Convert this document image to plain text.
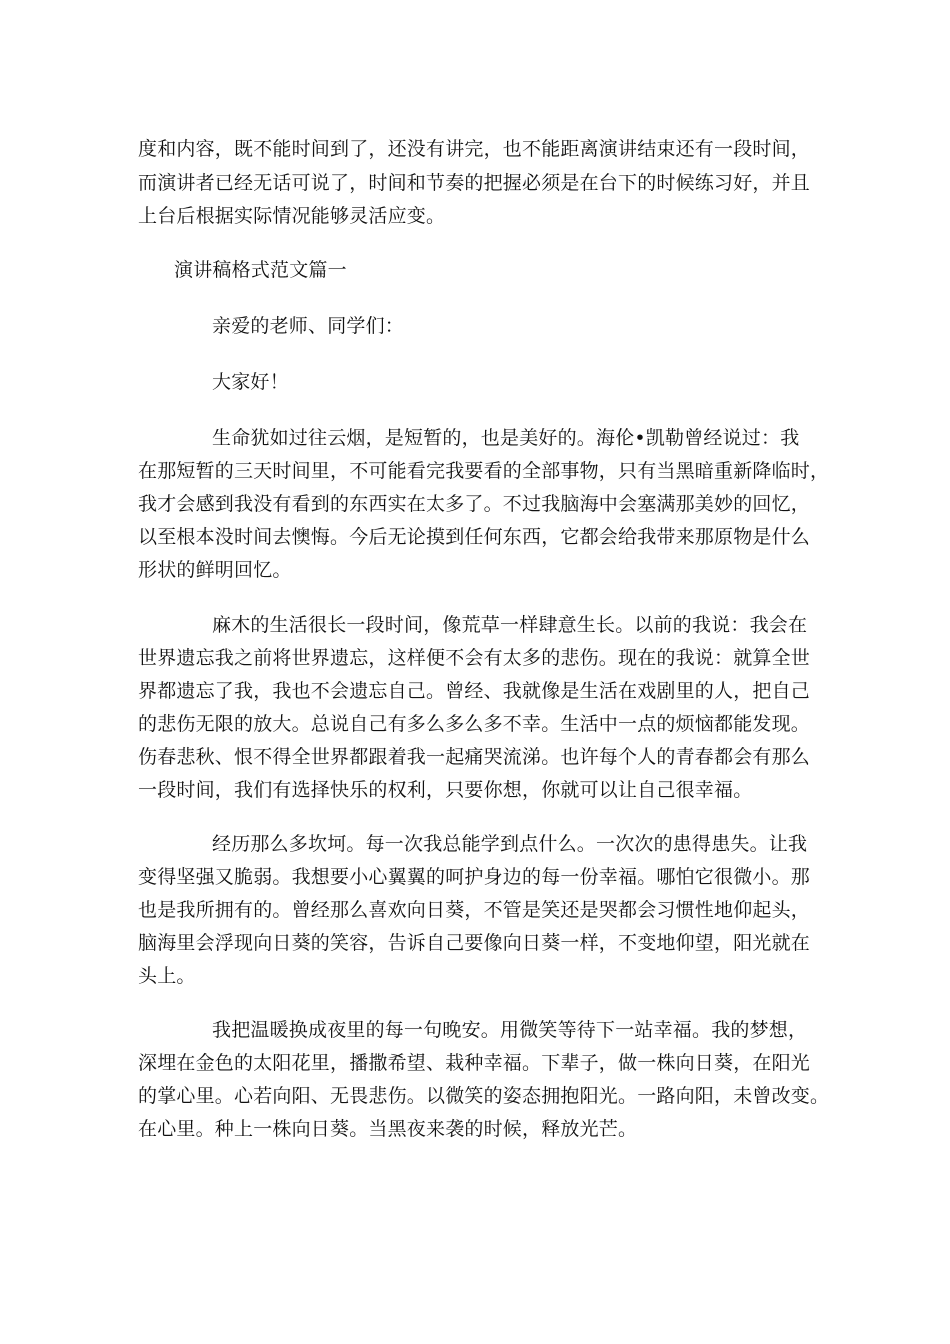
度和内容，既不能时间到了，还没有讲完，也不能距离演讲结束还有一段时间，
而演讲者已经无话可说了，时间和节奏的把握必须是在台下的时候练习好，并且
上台后根据实际情况能够灵活应变。
演讲稿格式范文篇一
亲爱的老师、同学们：
大家好！
生命犹如过往云烟，是短暂的，也是美好的。海伦•凯勒曾经说过：我
在那短暂的三天时间里，不可能看完我要看的全部事物，只有当黑暗重新降临时，
我才会感到我没有看到的东西实在太多了。不过我脑海中会塞满那美妙的回忆，
以至根本没时间去懊悔。今后无论摸到任何东西，它都会给我带来那原物是什么
形状的鲜明回忆。
麻木的生活很长一段时间，像荒草一样肆意生长。以前的我说：我会在
世界遗忘我之前将世界遗忘，这样便不会有太多的悲伤。现在的我说：就算全世
界都遗忘了我，我也不会遗忘自己。曾经、我就像是生活在戏剧里的人，把自己
的悲伤无限的放大。总说自己有多么多么多不幸。生活中一点的烦恼都能发现。
伤春悲秋、恨不得全世界都跟着我一起痛哭流涕。也许每个人的青春都会有那么
一段时间，我们有选择快乐的权利，只要你想，你就可以让自己很幸福。
经历那么多坎坷。每一次我总能学到点什么。一次次的患得患失。让我
变得坚强又脆弱。我想要小心翼翼的呵护身边的每一份幸福。哪怕它很微小。那
也是我所拥有的。曾经那么喜欢向日葵，不管是笑还是哭都会习惯性地仰起头，
脑海里会浮现向日葵的笑容，告诉自己要像向日葵一样，不变地仰望，阳光就在
头上。
我把温暖换成夜里的每一句晚安。用微笑等待下一站幸福。我的梦想，
深埋在金色的太阳花里，播撒希望、栽种幸福。下辈子，做一株向日葵，在阳光
的掌心里。心若向阳、无畏悲伤。以微笑的姿态拥抱阳光。一路向阳，未曾改变。
在心里。种上一株向日葵。当黑夜来袭的时候，释放光芒。
